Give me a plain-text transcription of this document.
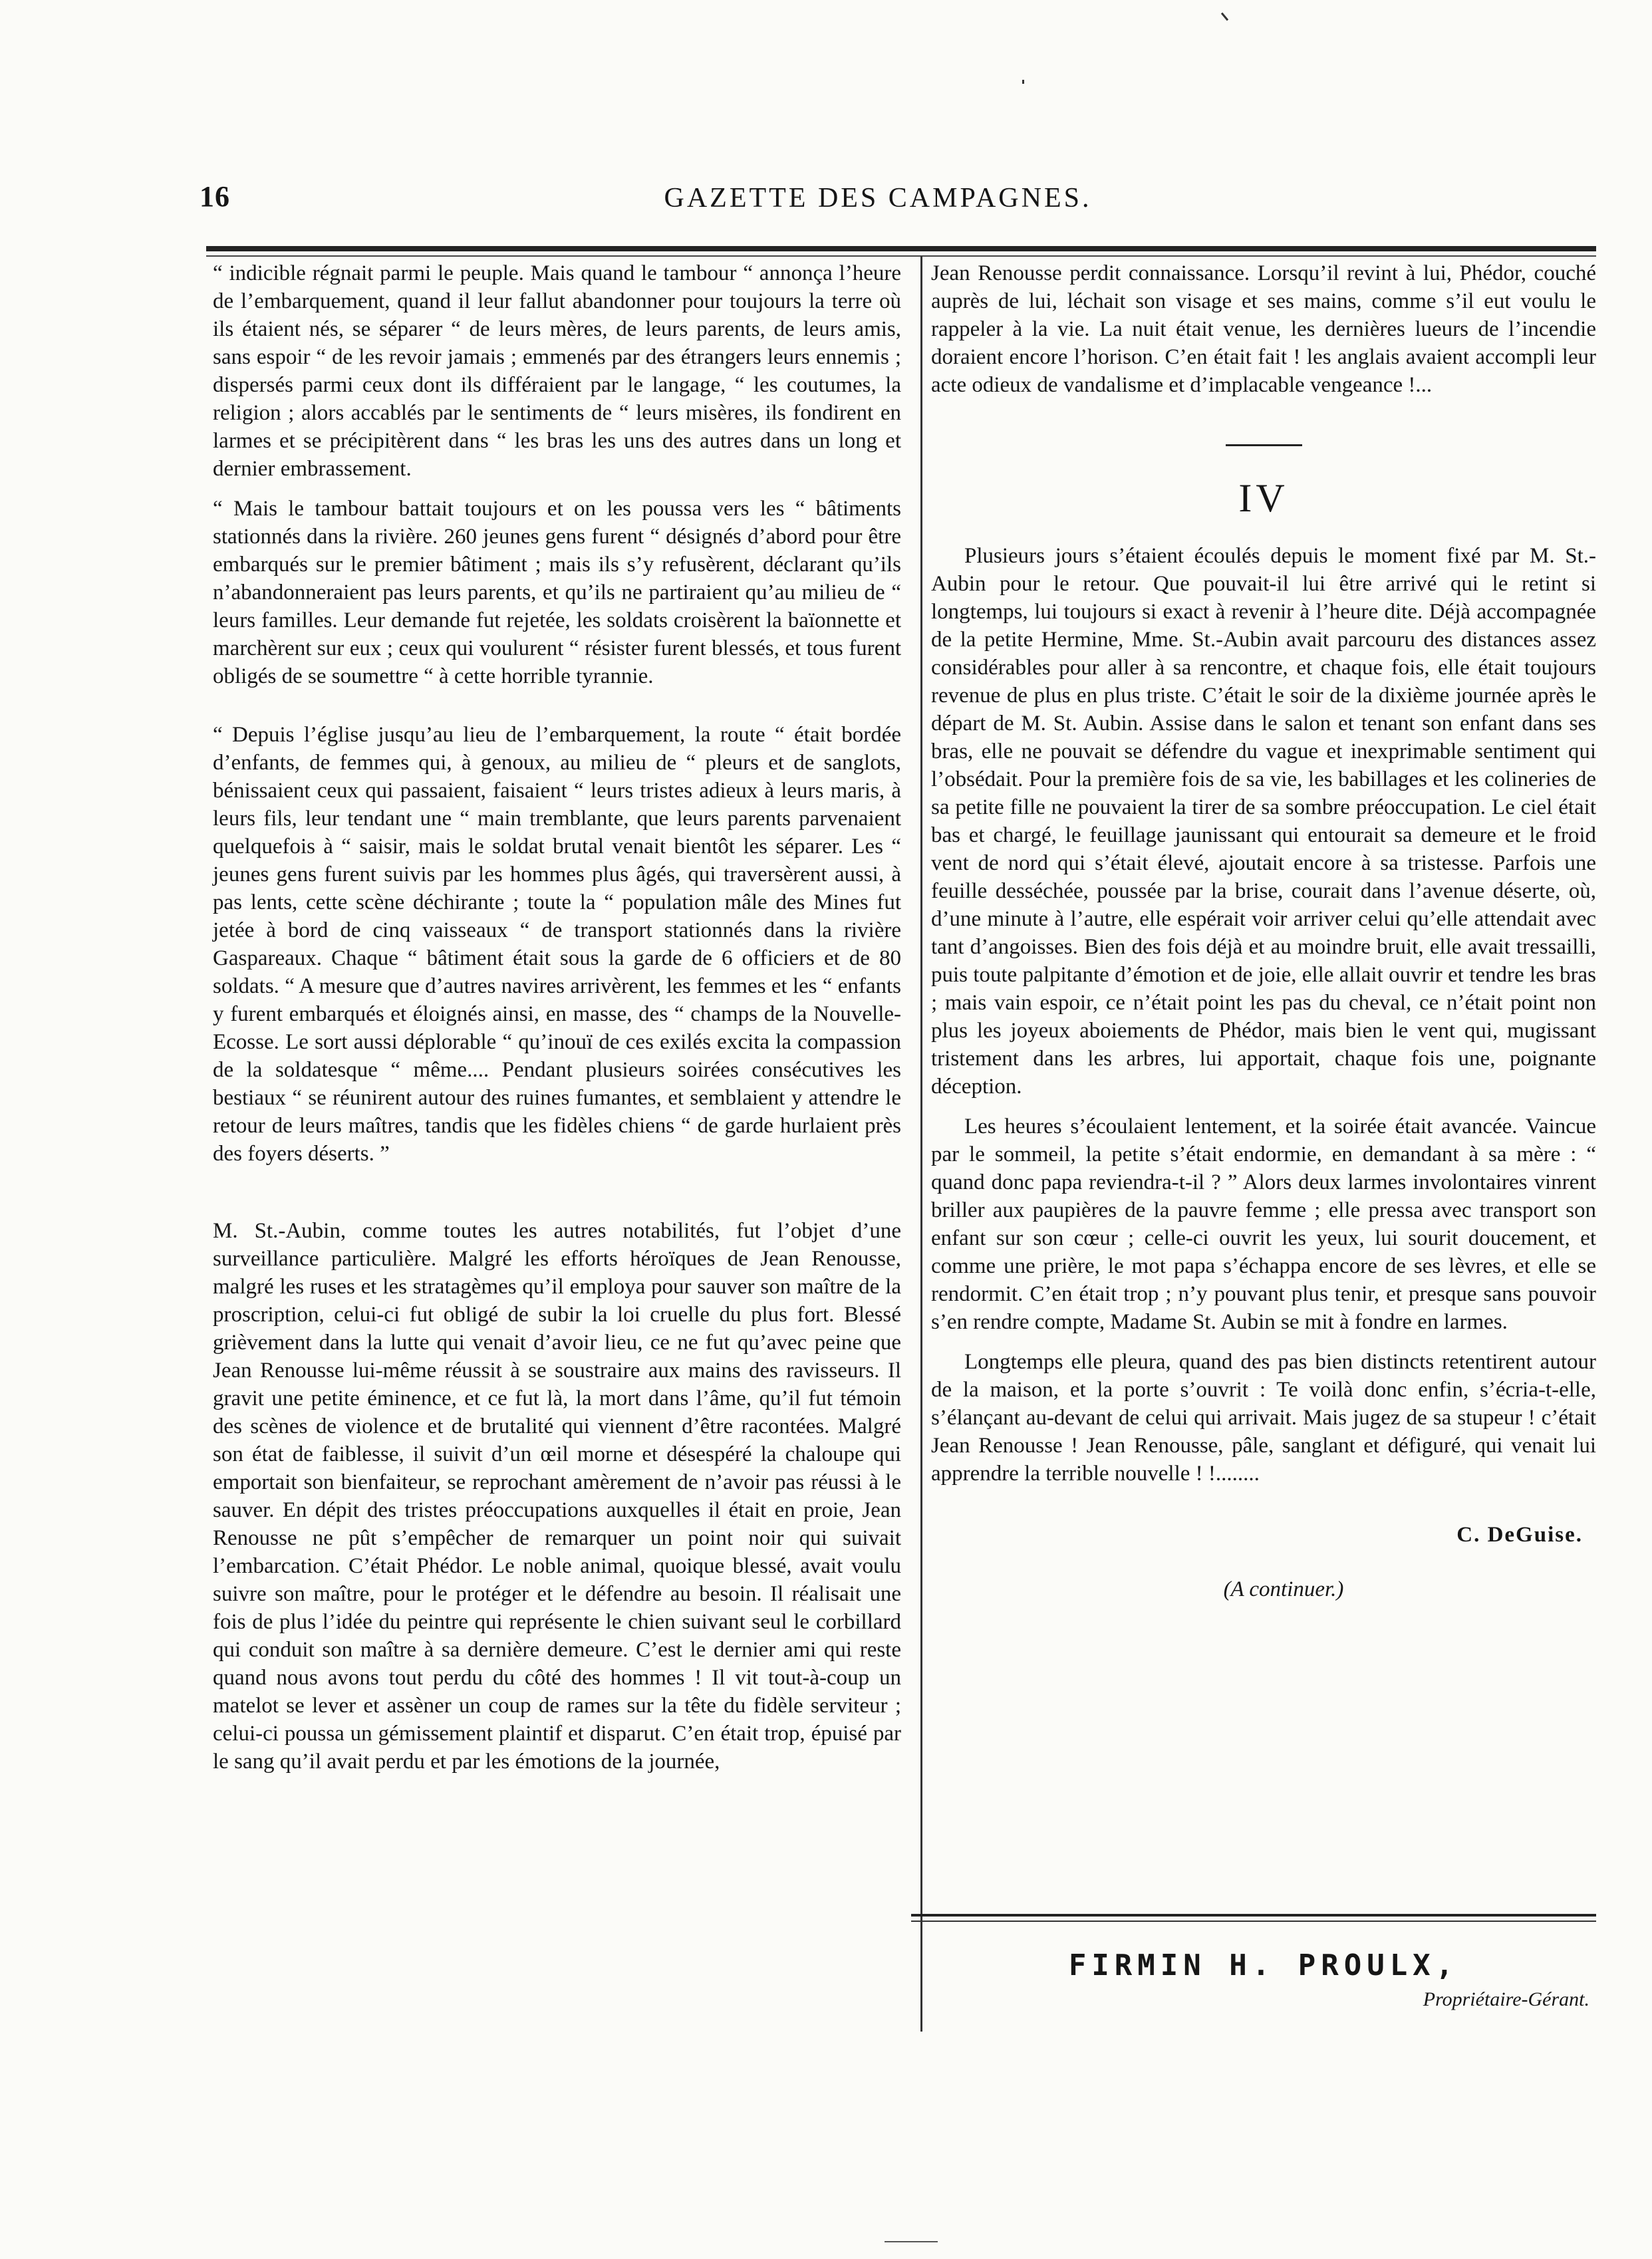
16	GAZETTE DES CAMPAGNES.

“ indicible régnait parmi le peuple. Mais quand le tambour “ annonça l’heure de l’embarquement, quand il leur fallut abandonner pour toujours la terre où ils étaient nés, se séparer “ de leurs mères, de leurs parents, de leurs amis, sans espoir “ de les revoir jamais ; emmenés par des étrangers leurs ennemis ; dispersés parmi ceux dont ils différaient par le langage, “ les coutumes, la religion ; alors accablés par le sentiments de “ leurs misères, ils fondirent en larmes et se précipitèrent dans “ les bras les uns des autres dans un long et dernier embrassement.

“ Mais le tambour battait toujours et on les poussa vers les “ bâtiments stationnés dans la rivière. 260 jeunes gens furent “ désignés d’abord pour être embarqués sur le premier bâtiment ; mais ils s’y refusèrent, déclarant qu’ils n’abandonneraient pas leurs parents, et qu’ils ne partiraient qu’au milieu de “ leurs familles. Leur demande fut rejetée, les soldats croisèrent la baïonnette et marchèrent sur eux ; ceux qui voulurent “ résister furent blessés, et tous furent obligés de se soumettre “ à cette horrible tyrannie.

“ Depuis l’église jusqu’au lieu de l’embarquement, la route “ était bordée d’enfants, de femmes qui, à genoux, au milieu de “ pleurs et de sanglots, bénissaient ceux qui passaient, faisaient “ leurs tristes adieux à leurs maris, à leurs fils, leur tendant une “ main tremblante, que leurs parents parvenaient quelquefois à “ saisir, mais le soldat brutal venait bientôt les séparer. Les “ jeunes gens furent suivis par les hommes plus âgés, qui traversèrent aussi, à pas lents, cette scène déchirante ; toute la “ population mâle des Mines fut jetée à bord de cinq vaisseaux “ de transport stationnés dans la rivière Gaspareaux. Chaque “ bâtiment était sous la garde de 6 officiers et de 80 soldats. “ A mesure que d’autres navires arrivèrent, les femmes et les “ enfants y furent embarqués et éloignés ainsi, en masse, des “ champs de la Nouvelle-Ecosse. Le sort aussi déplorable “ qu’inouï de ces exilés excita la compassion de la soldatesque “ même.... Pendant plusieurs soirées consécutives les bestiaux “ se réunirent autour des ruines fumantes, et semblaient y attendre le retour de leurs maîtres, tandis que les fidèles chiens “ de garde hurlaient près des foyers déserts. ”

M. St.-Aubin, comme toutes les autres notabilités, fut l’objet d’une surveillance particulière. Malgré les efforts héroïques de Jean Renousse, malgré les ruses et les stratagèmes qu’il employa pour sauver son maître de la proscription, celui-ci fut obligé de subir la loi cruelle du plus fort. Blessé grièvement dans la lutte qui venait d’avoir lieu, ce ne fut qu’avec peine que Jean Renousse lui-même réussit à se soustraire aux mains des ravisseurs. Il gravit une petite éminence, et ce fut là, la mort dans l’âme, qu’il fut témoin des scènes de violence et de brutalité qui viennent d’être racontées. Malgré son état de faiblesse, il suivit d’un œil morne et désespéré la chaloupe qui emportait son bienfaiteur, se reprochant amèrement de n’avoir pas réussi à le sauver. En dépit des tristes préoccupations auxquelles il était en proie, Jean Renousse ne pût s’empêcher de remarquer un point noir qui suivait l’embarcation. C’était Phédor. Le noble animal, quoique blessé, avait voulu suivre son maître, pour le protéger et le défendre au besoin. Il réalisait une fois de plus l’idée du peintre qui représente le chien suivant seul le corbillard qui conduit son maître à sa dernière demeure. C’est le dernier ami qui reste quand nous avons tout perdu du côté des hommes ! Il vit tout-à-coup un matelot se lever et assèner un coup de rames sur la tête du fidèle serviteur ; celui-ci poussa un gémissement plaintif et disparut. C’en était trop, épuisé par le sang qu’il avait perdu et par les émotions de la journée,

Jean Renousse perdit connaissance. Lorsqu’il revint à lui, Phédor, couché auprès de lui, léchait son visage et ses mains, comme s’il eut voulu le rappeler à la vie. La nuit était venue, les dernières lueurs de l’incendie doraient encore l’horison. C’en était fait ! les anglais avaient accompli leur acte odieux de vandalisme et d’implacable vengeance !...

IV

Plusieurs jours s’étaient écoulés depuis le moment fixé par M. St.-Aubin pour le retour. Que pouvait-il lui être arrivé qui le retint si longtemps, lui toujours si exact à revenir à l’heure dite. Déjà accompagnée de la petite Hermine, Mme. St.-Aubin avait parcouru des distances assez considérables pour aller à sa rencontre, et chaque fois, elle était toujours revenue de plus en plus triste. C’était le soir de la dixième journée après le départ de M. St. Aubin. Assise dans le salon et tenant son enfant dans ses bras, elle ne pouvait se défendre du vague et inexprimable sentiment qui l’obsédait. Pour la première fois de sa vie, les babillages et les colineries de sa petite fille ne pouvaient la tirer de sa sombre préoccupation. Le ciel était bas et chargé, le feuillage jaunissant qui entourait sa demeure et le froid vent de nord qui s’était élevé, ajoutait encore à sa tristesse. Parfois une feuille desséchée, poussée par la brise, courait dans l’avenue déserte, où, d’une minute à l’autre, elle espérait voir arriver celui qu’elle attendait avec tant d’angoisses. Bien des fois déjà et au moindre bruit, elle avait tressailli, puis toute palpitante d’émotion et de joie, elle allait ouvrir et tendre les bras ; mais vain espoir, ce n’était point les pas du cheval, ce n’était point non plus les joyeux aboiements de Phédor, mais bien le vent qui, mugissant tristement dans les arbres, lui apportait, chaque fois une, poignante déception.

Les heures s’écoulaient lentement, et la soirée était avancée. Vaincue par le sommeil, la petite s’était endormie, en demandant à sa mère : “ quand donc papa reviendra-t-il ? ” Alors deux larmes involontaires vinrent briller aux paupières de la pauvre femme ; elle pressa avec transport son enfant sur son cœur ; celle-ci ouvrit les yeux, lui sourit doucement, et comme une prière, le mot papa s’échappa encore de ses lèvres, et elle se rendormit. C’en était trop ; n’y pouvant plus tenir, et presque sans pouvoir s’en rendre compte, Madame St. Aubin se mit à fondre en larmes.

Longtemps elle pleura, quand des pas bien distincts retentirent autour de la maison, et la porte s’ouvrit : Te voilà donc enfin, s’écria-t-elle, s’élançant au-devant de celui qui arrivait. Mais jugez de sa stupeur ! c’était Jean Renousse ! Jean Renousse, pâle, sanglant et défiguré, qui venait lui apprendre la terrible nouvelle ! !........

C. DeGuise.
(A continuer.)
FIRMIN H. PROULX,
Propriétaire-Gérant.
